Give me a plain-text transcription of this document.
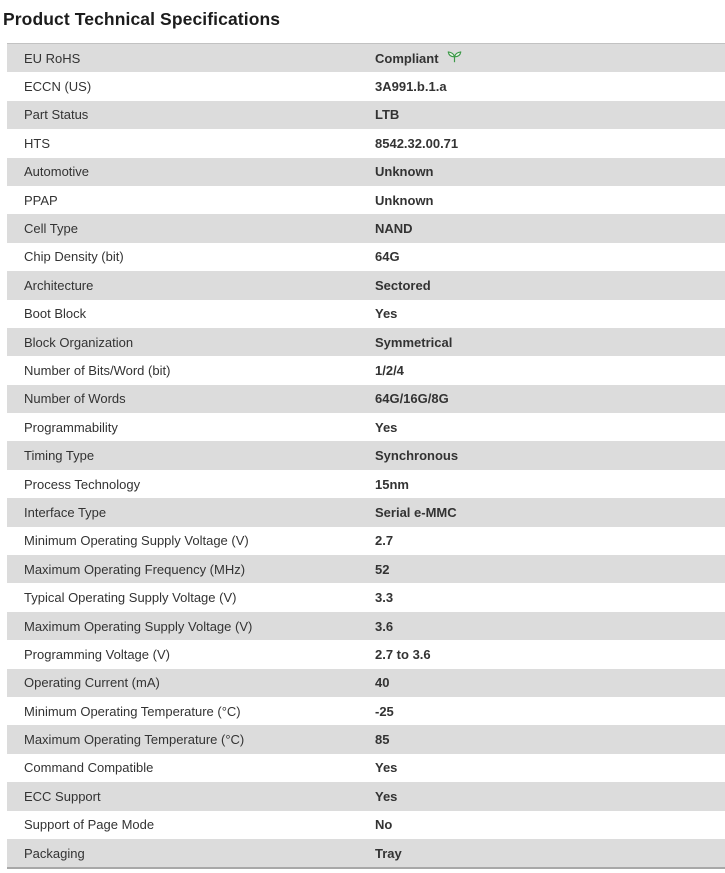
Product Technical Specifications
EU RoHS	Compliant
ECCN (US)	3A991.b.1.a
Part Status	LTB
HTS	8542.32.00.71
Automotive	Unknown
PPAP	Unknown
Cell Type	NAND
Chip Density (bit)	64G
Architecture	Sectored
Boot Block	Yes
Block Organization	Symmetrical
Number of Bits/Word (bit)	1/2/4
Number of Words	64G/16G/8G
Programmability	Yes
Timing Type	Synchronous
Process Technology	15nm
Interface Type	Serial e-MMC
Minimum Operating Supply Voltage (V)	2.7
Maximum Operating Frequency (MHz)	52
Typical Operating Supply Voltage (V)	3.3
Maximum Operating Supply Voltage (V)	3.6
Programming Voltage (V)	2.7 to 3.6
Operating Current (mA)	40
Minimum Operating Temperature (°C)	-25
Maximum Operating Temperature (°C)	85
Command Compatible	Yes
ECC Support	Yes
Support of Page Mode	No
Packaging	Tray
